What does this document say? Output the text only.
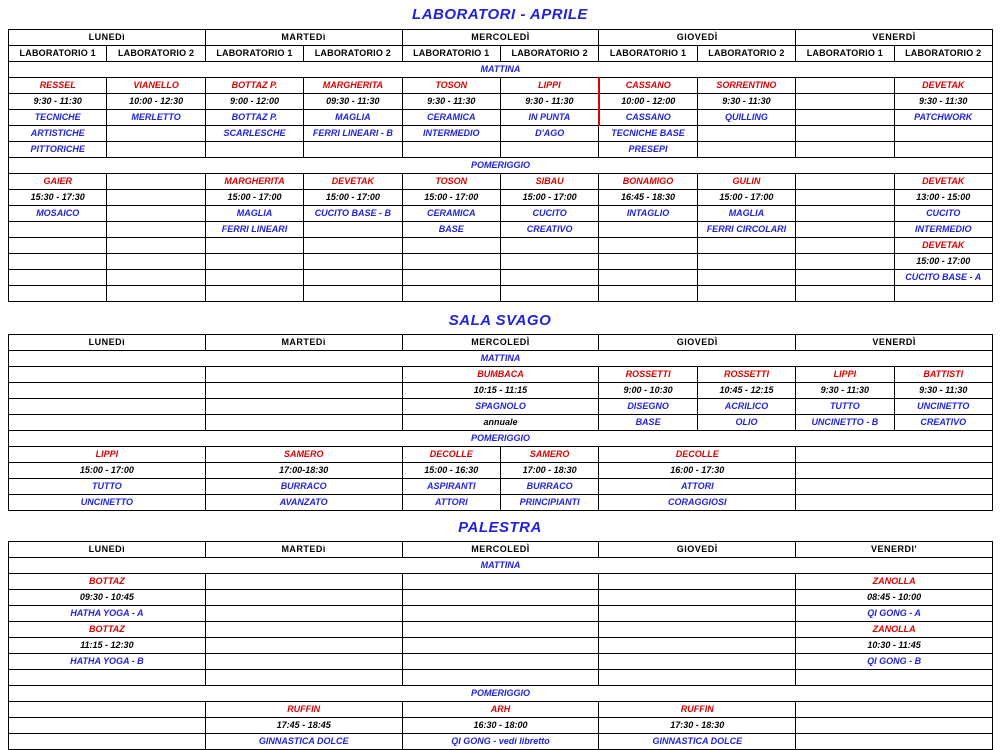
LABORATORI - APRILE
LUNEDì		MARTEDì		MERCOLEDÌ		GIOVEDÌ		VENERDÌ	
LABORATORIO 1	LABORATORIO 2	LABORATORIO 1	LABORATORIO 2	LABORATORIO 1	LABORATORIO 2	LABORATORIO 1	LABORATORIO 2	LABORATORIO 1	LABORATORIO 2
MATTINA									
RESSEL	VIANELLO	BOTTAZ P.	MARGHERITA	TOSON	LIPPI	CASSANO	SORRENTINO		DEVETAK
9:30 - 11:30	10:00 - 12:30	9:00 - 12:00	09:30 - 11:30	9:30 - 11:30	9:30 - 11:30	10:00 - 12:00	9:30 - 11:30		9:30 - 11:30
TECNICHE	MERLETTO	BOTTAZ P.	MAGLIA	CERAMICA	IN PUNTA	CASSANO	QUILLING		PATCHWORK
ARTISTICHE		SCARLESCHE	FERRI LINEARI - B	INTERMEDIO	D'AGO	TECNICHE BASE			
PITTORICHE						PRESEPI			
POMERIGGIO									
GAIER		MARGHERITA	DEVETAK	TOSON	SIBAU	BONAMIGO	GULIN		DEVETAK
15:30 - 17:30		15:00 - 17:00	15:00 - 17:00	15:00 - 17:00	15:00 - 17:00	16:45 - 18:30	15:00 - 17:00		13:00 - 15:00
MOSAICO		MAGLIA	CUCITO BASE - B	CERAMICA	CUCITO	INTAGLIO	MAGLIA		CUCITO
		FERRI LINEARI		BASE	CREATIVO		FERRI CIRCOLARI		INTERMEDIO
									DEVETAK
									15:00 - 17:00
									CUCITO BASE - A

SALA SVAGO
LUNEDì	MARTEDì	MERCOLEDÌ		GIOVEDÌ		VENERDÌ	
MATTINA							
		BUMBACA		ROSSETTI	ROSSETTI	LIPPI	BATTISTI
		10:15 - 11:15		9:00 - 10:30	10:45 - 12:15	9:30 - 11:30	9:30 - 11:30
		SPAGNOLO		DISEGNO	ACRILICO	TUTTO	UNCINETTO
		annuale		BASE	OLIO	UNCINETTO - B	CREATIVO
POMERIGGIO							
LIPPI	SAMERO	DECOLLE	SAMERO	DECOLLE			
15:00 - 17:00	17:00-18:30	15:00 - 16:30	17:00 - 18:30	16:00 - 17:30			
TUTTO	BURRACO	ASPIRANTI	BURRACO	ATTORI			
UNCINETTO	AVANZATO	ATTORI	PRINCIPIANTI	CORAGGIOSI			
PALESTRA
LUNEDì	MARTEDì	MERCOLEDÌ	GIOVEDÌ	VENERDI'
MATTINA				
BOTTAZ				ZANOLLA
09:30 - 10:45				08:45 - 10:00
HATHA YOGA - A				QI GONG - A
BOTTAZ				ZANOLLA
11:15 - 12:30				10:30 - 11:45
HATHA YOGA - B				QI GONG - B

POMERIGGIO				
	RUFFIN	ARH	RUFFIN	
	17:45 - 18:45	16:30 - 18:00	17:30 - 18:30	
	GINNASTICA DOLCE	QI GONG - vedi libretto	GINNASTICA DOLCE	
